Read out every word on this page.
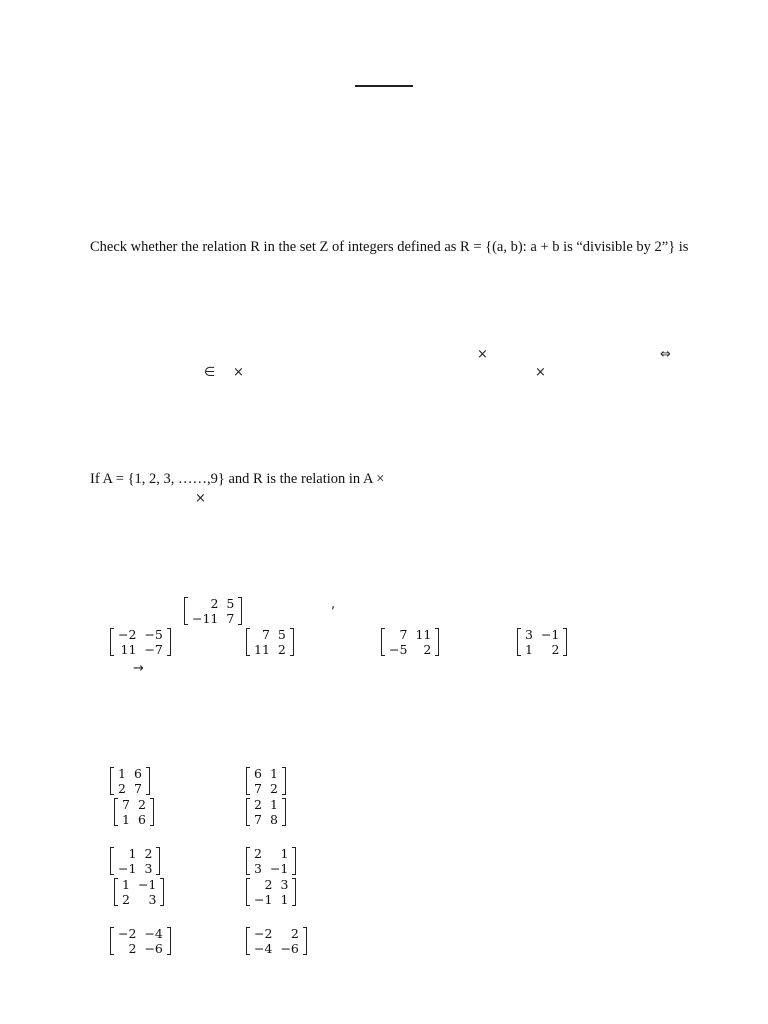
Check whether the relation R in the set Z of integers defined as R = {(a, b): a + b is “divisible by 2”} is
×	⇔
∈ ×	×
If A = {1, 2, 3, ……,9} and R is the relation in A ×
×
2	5
−11	7
,
−2	−5
11	−7
7	5
11	2
7	11
−5	2
3	−1
1	2
→
1	6
2	7
7	2
1	6
6	1
7	2
2	1
7	8
1	2
−1	3
1	−1
2	3
2	1
3	−1
2	3
−1	1
−2	−4
2	−6
−2	2
−4	−6
